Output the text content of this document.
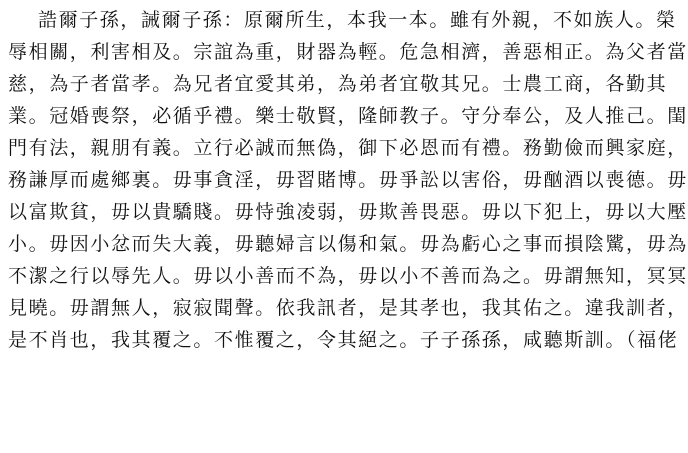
誥爾子孫，誡爾子孫：原爾所生，本我一本。雖有外親，不如族人。榮
辱相關，利害相及。宗誼為重，財器為輕。危急相濟，善惡相正。為父者當
慈，為子者當孝。為兄者宜愛其弟，為弟者宜敬其兄。士農工商，各勤其
業。冠婚喪祭，必循乎禮。樂士敬賢，隆師教子。守分奉公，及人推己。閨
門有法，親朋有義。立行必誠而無偽，御下必恩而有禮。務勤儉而興家庭，
務謙厚而處鄉裏。毋事貪淫，毋習賭博。毋爭訟以害俗，毋酗酒以喪德。毋
以富欺貧，毋以貴驕賤。毋恃強凌弱，毋欺善畏惡。毋以下犯上，毋以大壓
小。毋因小忿而失大義，毋聽婦言以傷和氣。毋為虧心之事而損陰騭，毋為
不潔之行以辱先人。毋以小善而不為，毋以小不善而為之。毋謂無知，冥冥
見曉。毋謂無人，寂寂聞聲。依我訊者，是其孝也，我其佑之。違我訓者，
是不肖也，我其覆之。不惟覆之，令其絕之。子子孫孫，咸聽斯訓。（福佬
